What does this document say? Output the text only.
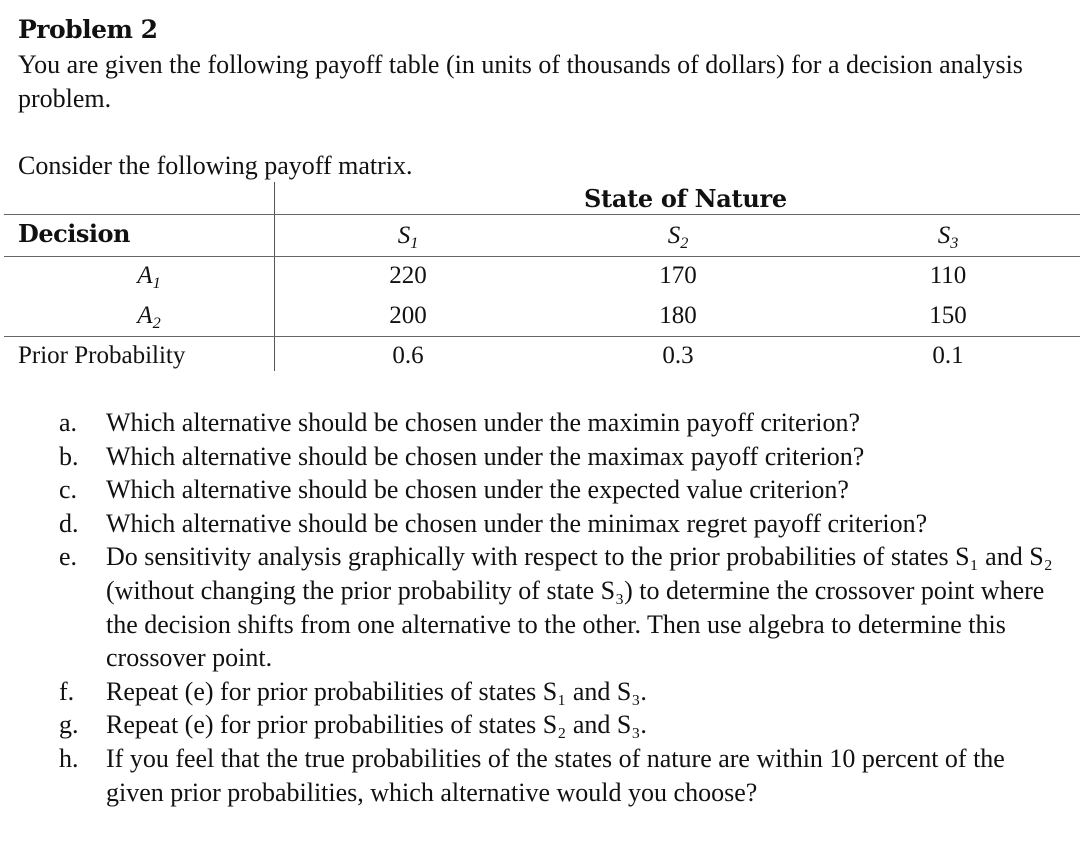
Problem 2
You are given the following payoff table (in units of thousands of dollars) for a decision analysis problem.
Consider the following payoff matrix.
State of Nature
Decision	$S_1$	$S_2$	$S_3$
$A_1$	220	170	110
$A_2$	200	180	150
Prior Probability	0.6	0.3	0.1
a. Which alternative should be chosen under the maximin payoff criterion?
b. Which alternative should be chosen under the maximax payoff criterion?
c. Which alternative should be chosen under the expected value criterion?
d. Which alternative should be chosen under the minimax regret payoff criterion?
e. Do sensitivity analysis graphically with respect to the prior probabilities of states S₁ and S₂ (without changing the prior probability of state S₃) to determine the crossover point where the decision shifts from one alternative to the other. Then use algebra to determine this crossover point.
f. Repeat (e) for prior probabilities of states S₁ and S₃.
g. Repeat (e) for prior probabilities of states S₂ and S₃.
h. If you feel that the true probabilities of the states of nature are within 10 percent of the given prior probabilities, which alternative would you choose?
